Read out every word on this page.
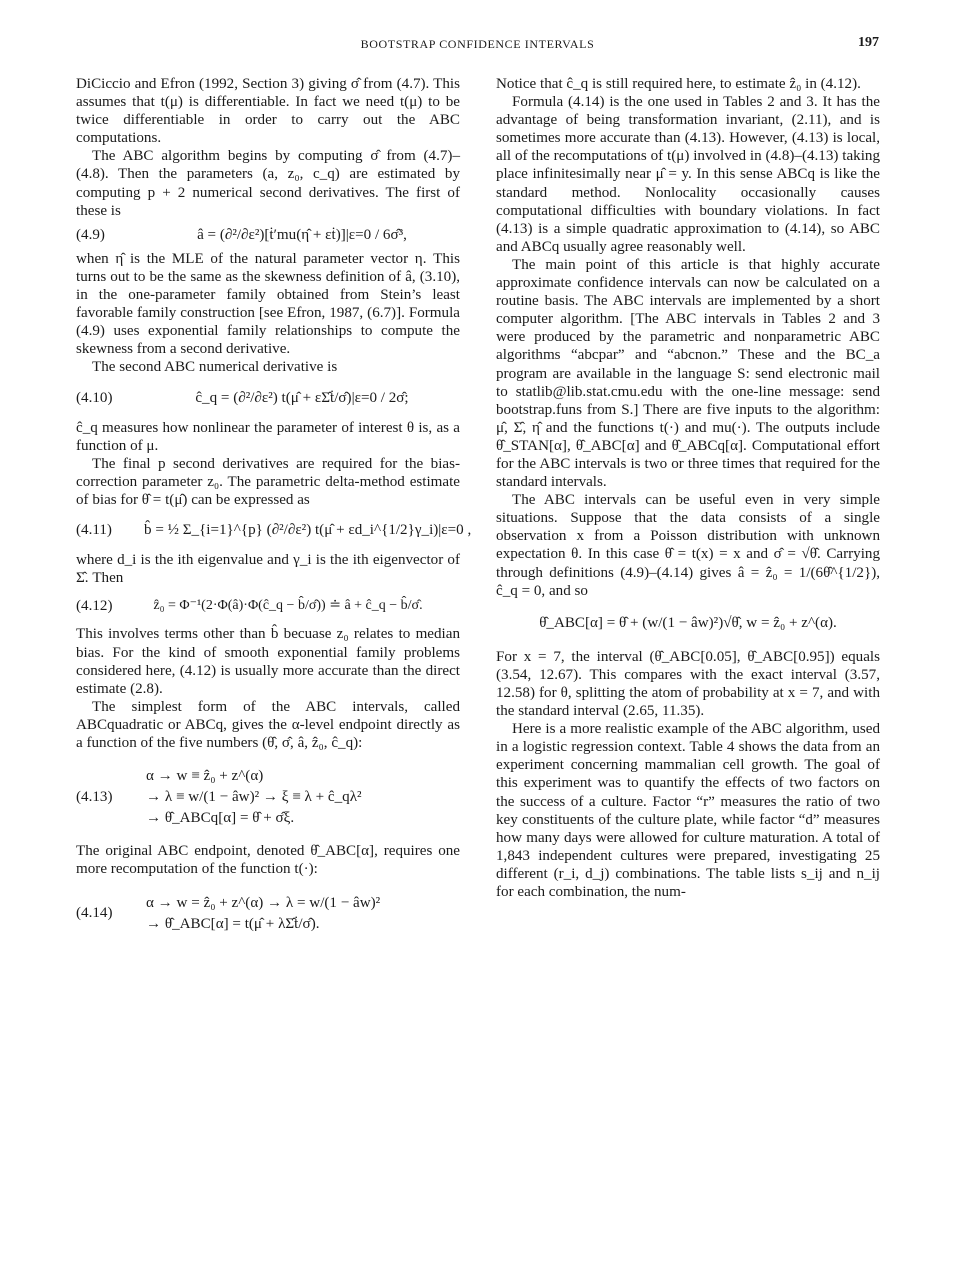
BOOTSTRAP CONFIDENCE INTERVALS	197

DiCiccio and Efron (1992, Section 3) giving σ̂ from (4.7). This assumes that t(μ) is differentiable. In fact we need t(μ) to be twice differentiable in order to carry out the ABC computations.

The ABC algorithm begins by computing σ̂ from (4.7)–(4.8). Then the parameters (a, z₀, c_q) are estimated by computing p + 2 numerical second derivatives. The first of these is

(4.9)	â = (∂²/∂ε²)[ṫ′mu(η̂ + εṫ)]|ε=0 / 6σ̂³,

when η̂ is the MLE of the natural parameter vector η. This turns out to be the same as the skewness definition of â, (3.10), in the one-parameter family obtained from Stein’s least favorable family construction [see Efron, 1987, (6.7)]. Formula (4.9) uses exponential family relationships to compute the skewness from a second derivative.

The second ABC numerical derivative is

(4.10)	ĉ_q = (∂²/∂ε²) t(μ̂ + εΣ̂ṫ/σ̂)|ε=0 / 2σ̂;

ĉ_q measures how nonlinear the parameter of interest θ is, as a function of μ.

The final p second derivatives are required for the bias-correction parameter z₀. The parametric delta-method estimate of bias for θ̂ = t(μ̂) can be expressed as

(4.11)	b̂ = ½ Σ_{i=1}^{p} (∂²/∂ε²) t(μ̂ + εd_i^{1/2}γ_i)|ε=0 ,

where d_i is the ith eigenvalue and γ_i is the ith eigenvector of Σ̂. Then

(4.12)	ẑ₀ = Φ⁻¹(2·Φ(â)·Φ(ĉ_q − b̂/σ̂)) ≐ â + ĉ_q − b̂/σ̂.

This involves terms other than b̂ becuase z₀ relates to median bias. For the kind of smooth exponential family problems considered here, (4.12) is usually more accurate than the direct estimate (2.8).

The simplest form of the ABC intervals, called ABCquadratic or ABCq, gives the α-level endpoint directly as a function of the five numbers (θ̂, σ̂, â, ẑ₀, ĉ_q):

(4.13)
α → w ≡ ẑ₀ + z^(α)
→ λ ≡ w/(1 − âw)² → ξ ≡ λ + ĉ_qλ²
→ θ̂_ABCq[α] = θ̂ + σ̂ξ.

The original ABC endpoint, denoted θ̂_ABC[α], requires one more recomputation of the function t(·):

(4.14)
α → w = ẑ₀ + z^(α) → λ = w/(1 − âw)²
→ θ̂_ABC[α] = t(μ̂ + λΣ̂ṫ/σ̂).

Notice that ĉ_q is still required here, to estimate ẑ₀ in (4.12).

Formula (4.14) is the one used in Tables 2 and 3. It has the advantage of being transformation invariant, (2.11), and is sometimes more accurate than (4.13). However, (4.13) is local, all of the recomputations of t(μ) involved in (4.8)–(4.13) taking place infinitesimally near μ̂ = y. In this sense ABCq is like the standard method. Nonlocality occasionally causes computational difficulties with boundary violations. In fact (4.13) is a simple quadratic approximation to (4.14), so ABC and ABCq usually agree reasonably well.

The main point of this article is that highly accurate approximate confidence intervals can now be calculated on a routine basis. The ABC intervals are implemented by a short computer algorithm. [The ABC intervals in Tables 2 and 3 were produced by the parametric and nonparametric ABC algorithms “abcpar” and “abcnon.” These and the BC_a program are available in the language S: send electronic mail to statlib@lib.stat.cmu.edu with the one-line message: send bootstrap.funs from S.] There are five inputs to the algorithm: μ̂, Σ̂, η̂ and the functions t(·) and mu(·). The outputs include θ̂_STAN[α], θ̂_ABC[α] and θ̂_ABCq[α]. Computational effort for the ABC intervals is two or three times that required for the standard intervals.

The ABC intervals can be useful even in very simple situations. Suppose that the data consists of a single observation x from a Poisson distribution with unknown expectation θ. In this case θ̂ = t(x) = x and σ̂ = √θ̂. Carrying through definitions (4.9)–(4.14) gives â = ẑ₀ = 1/(6θ̂^{1/2}), ĉ_q = 0, and so

θ̂_ABC[α] = θ̂ + (w/(1 − âw)²)√θ̂, w = ẑ₀ + z^(α).

For x = 7, the interval (θ̂_ABC[0.05], θ̂_ABC[0.95]) equals (3.54, 12.67). This compares with the exact interval (3.57, 12.58) for θ, splitting the atom of probability at x = 7, and with the standard interval (2.65, 11.35).

Here is a more realistic example of the ABC algorithm, used in a logistic regression context. Table 4 shows the data from an experiment concerning mammalian cell growth. The goal of this experiment was to quantify the effects of two factors on the success of a culture. Factor “r” measures the ratio of two key constituents of the culture plate, while factor “d” measures how many days were allowed for culture maturation. A total of 1,843 independent cultures were prepared, investigating 25 different (r_i, d_j) combinations. The table lists s_ij and n_ij for each combination, the num-
